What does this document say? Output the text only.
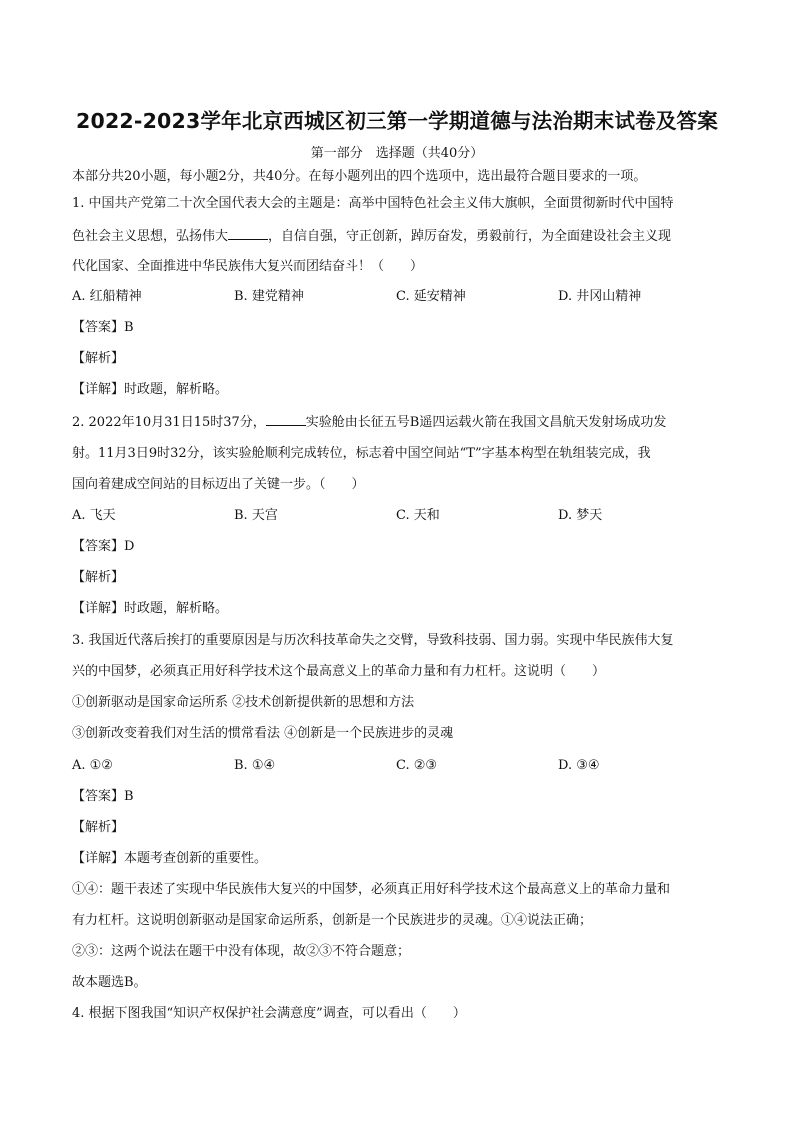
2022-2023学年北京西城区初三第一学期道德与法治期末试卷及答案
第一部分　选择题（共40分）
本部分共20小题，每小题2分，共40分。在每小题列出的四个选项中，选出最符合题目要求的一项。
1. 中国共产党第二十次全国代表大会的主题是：高举中国特色社会主义伟大旗帜，全面贯彻新时代中国特
色社会主义思想，弘扬伟大	，自信自强，守正创新，踔厉奋发，勇毅前行，为全面建设社会主义现
代化国家、全面推进中华民族伟大复兴而团结奋斗！（　　）
A. 红船精神	B. 建党精神	C. 延安精神	D. 井冈山精神
【答案】B
【解析】
【详解】时政题，解析略。
2. 2022年10月31日15时37分，	实验舱由长征五号B遥四运载火箭在我国文昌航天发射场成功发
射。11月3日9时32分，该实验舱顺利完成转位，标志着中国空间站“T”字基本构型在轨组装完成，我
国向着建成空间站的目标迈出了关键一步。（　　）
A. 飞天	B. 天宫	C. 天和	D. 梦天
【答案】D
【解析】
【详解】时政题，解析略。
3. 我国近代落后挨打的重要原因是与历次科技革命失之交臂，导致科技弱、国力弱。实现中华民族伟大复
兴的中国梦，必须真正用好科学技术这个最高意义上的革命力量和有力杠杆。这说明（　　）
①创新驱动是国家命运所系 ②技术创新提供新的思想和方法
③创新改变着我们对生活的惯常看法 ④创新是一个民族进步的灵魂
A. ①②	B. ①④	C. ②③	D. ③④
【答案】B
【解析】
【详解】本题考查创新的重要性。
①④：题干表述了实现中华民族伟大复兴的中国梦，必须真正用好科学技术这个最高意义上的革命力量和
有力杠杆。这说明创新驱动是国家命运所系，创新是一个民族进步的灵魂。①④说法正确；
②③：这两个说法在题干中没有体现，故②③不符合题意；
故本题选B。
4. 根据下图我国“知识产权保护社会满意度”调查，可以看出（　　）
